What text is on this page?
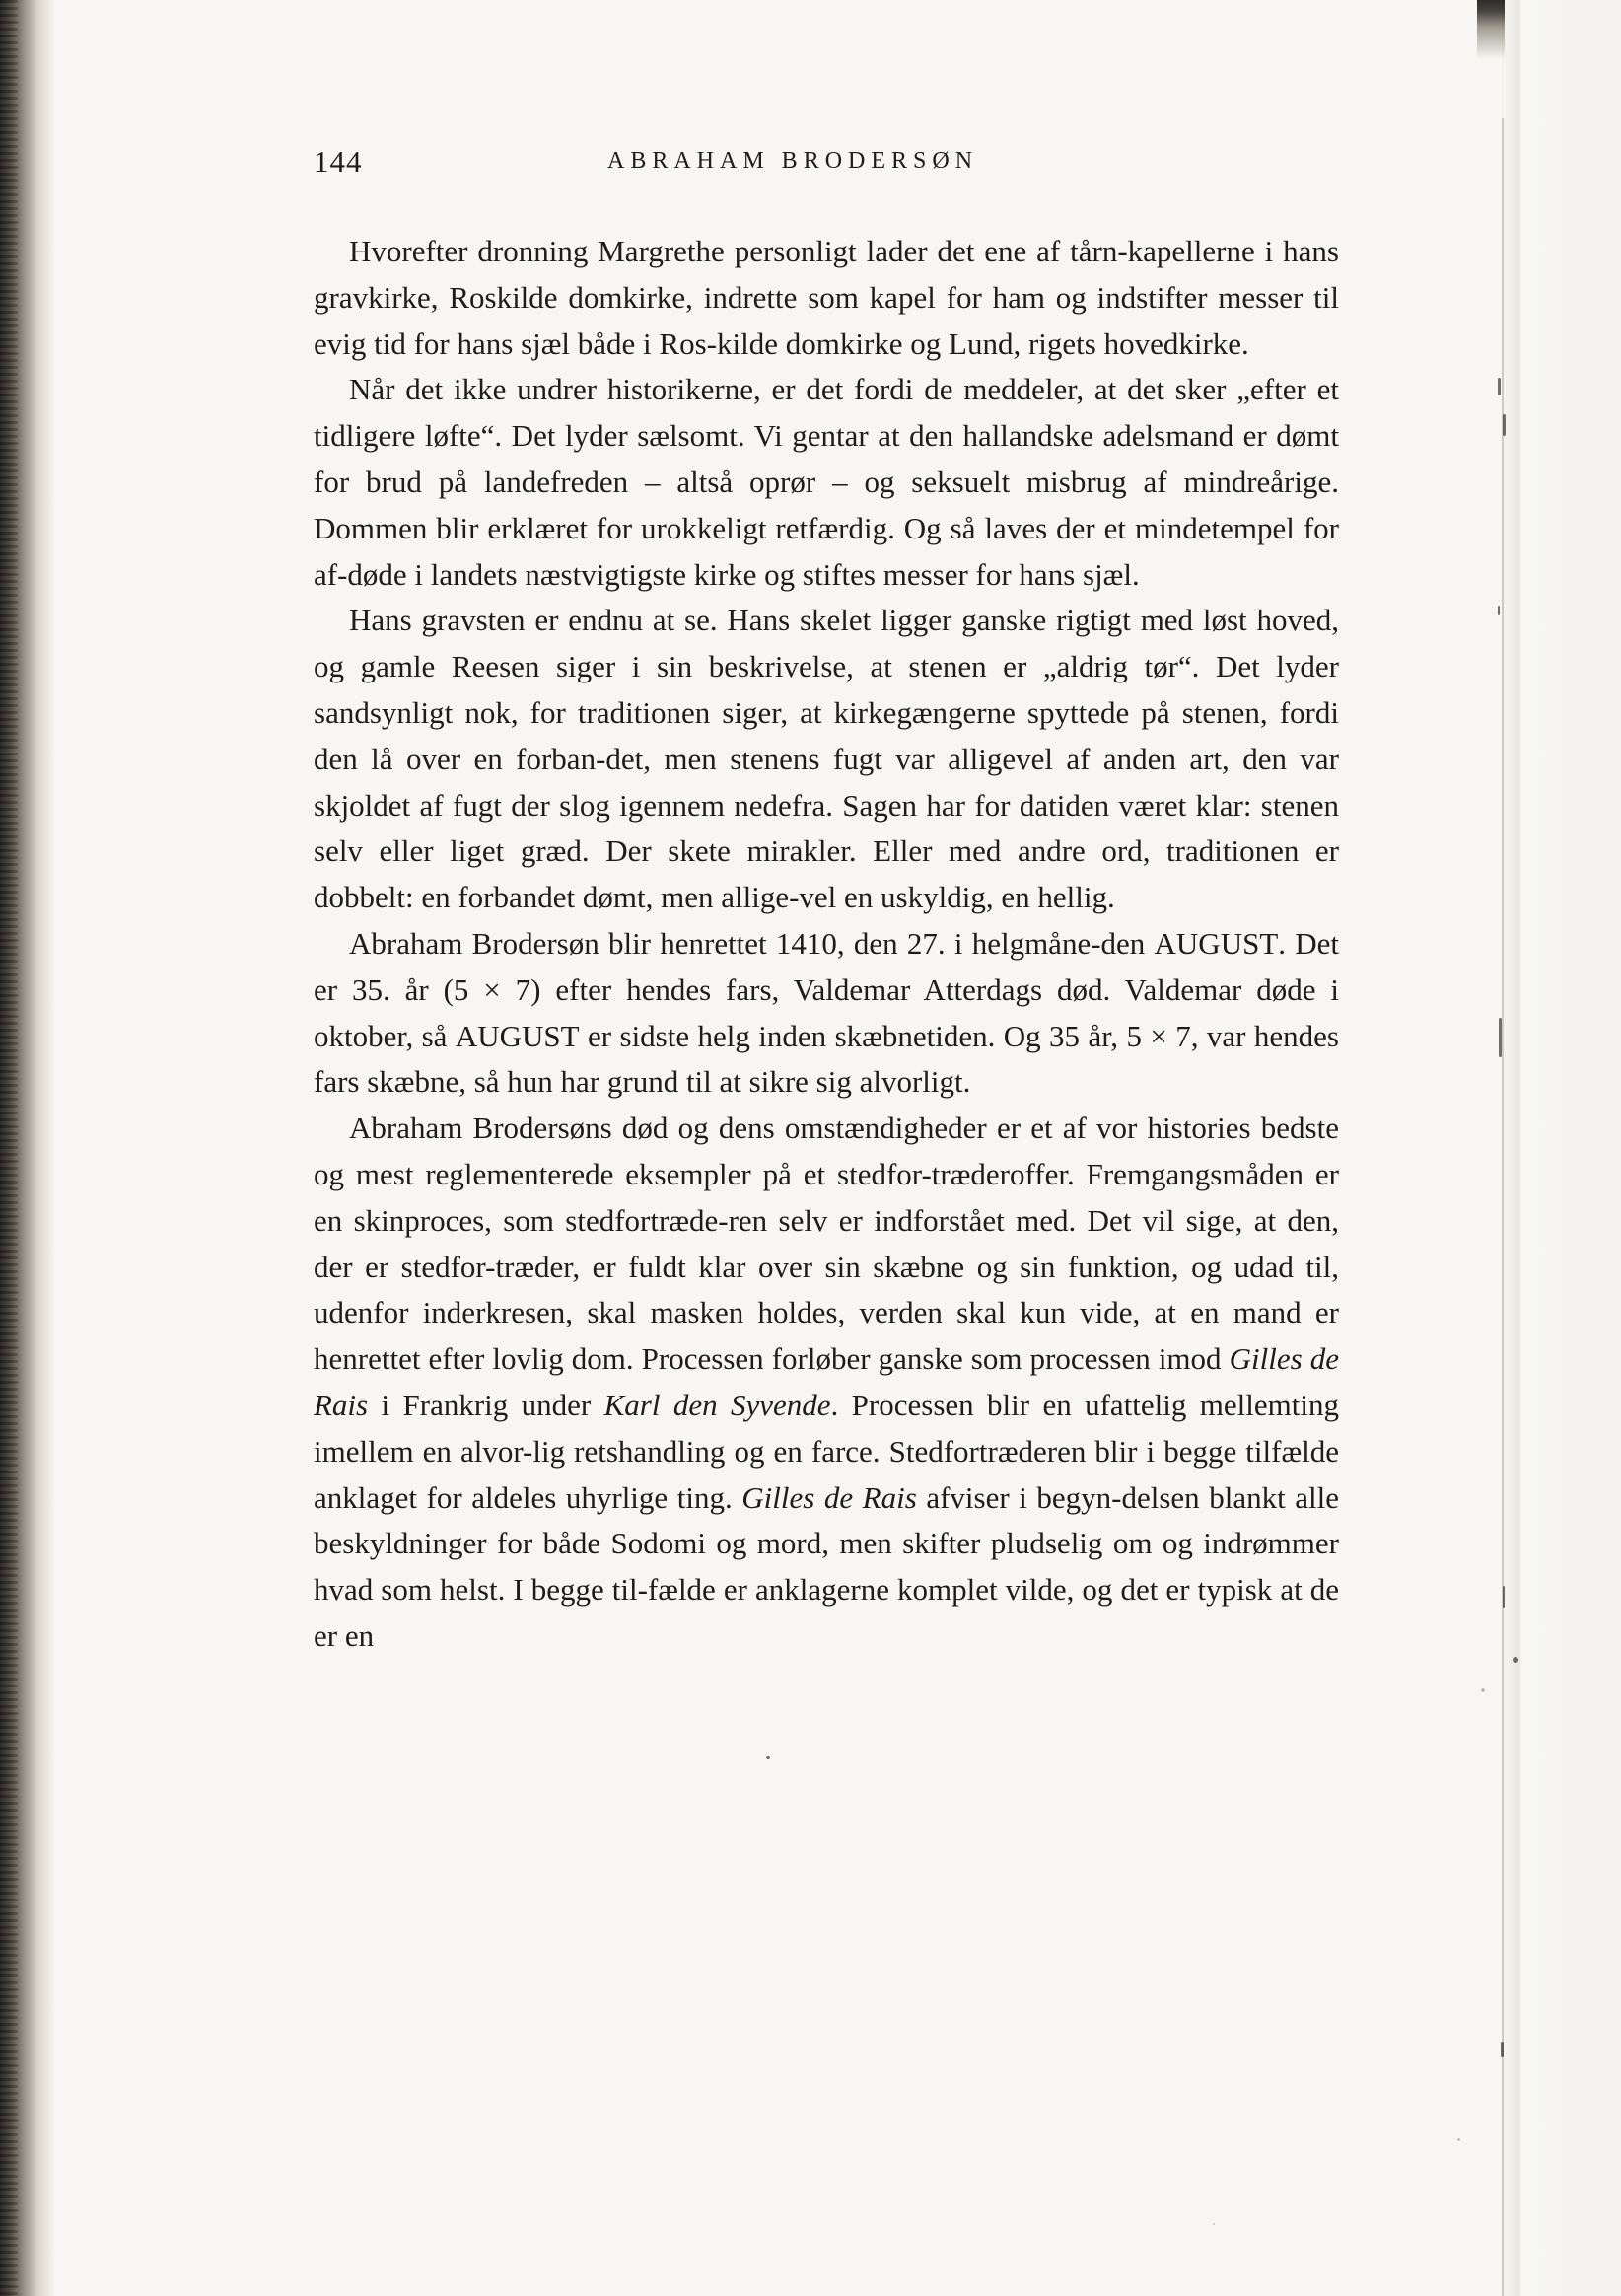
144	ABRAHAM BRODERSØN

Hvorefter dronning Margrethe personligt lader det ene af tårn-kapellerne i hans gravkirke, Roskilde domkirke, indrette som kapel for ham og indstifter messer til evig tid for hans sjæl både i Ros-kilde domkirke og Lund, rigets hovedkirke.

Når det ikke undrer historikerne, er det fordi de meddeler, at det sker „efter et tidligere løfte“. Det lyder sælsomt. Vi gentar at den hallandske adelsmand er dømt for brud på landefreden – altså oprør – og seksuelt misbrug af mindreårige. Dommen blir erklæret for urokkeligt retfærdig. Og så laves der et mindetempel for af-døde i landets næstvigtigste kirke og stiftes messer for hans sjæl.

Hans gravsten er endnu at se. Hans skelet ligger ganske rigtigt med løst hoved, og gamle Reesen siger i sin beskrivelse, at stenen er „aldrig tør“. Det lyder sandsynligt nok, for traditionen siger, at kirkegængerne spyttede på stenen, fordi den lå over en forban-det, men stenens fugt var alligevel af anden art, den var skjoldet af fugt der slog igennem nedefra. Sagen har for datiden været klar: stenen selv eller liget græd. Der skete mirakler. Eller med andre ord, traditionen er dobbelt: en forbandet dømt, men allige-vel en uskyldig, en hellig.

Abraham Brodersøn blir henrettet 1410, den 27. i helgmåne-den AUGUST. Det er 35. år (5 × 7) efter hendes fars, Valdemar Atterdags død. Valdemar døde i oktober, så AUGUST er sidste helg inden skæbnetiden. Og 35 år, 5 × 7, var hendes fars skæbne, så hun har grund til at sikre sig alvorligt.

Abraham Brodersøns død og dens omstændigheder er et af vor histories bedste og mest reglementerede eksempler på et stedfor-træderoffer. Fremgangsmåden er en skinproces, som stedfortræde-ren selv er indforstået med. Det vil sige, at den, der er stedfor-træder, er fuldt klar over sin skæbne og sin funktion, og udad til, udenfor inderkresen, skal masken holdes, verden skal kun vide, at en mand er henrettet efter lovlig dom. Processen forløber ganske som processen imod Gilles de Rais i Frankrig under Karl den Syvende. Processen blir en ufattelig mellemting imellem en alvor-lig retshandling og en farce. Stedfortræderen blir i begge tilfælde anklaget for aldeles uhyrlige ting. Gilles de Rais afviser i begyn-delsen blankt alle beskyldninger for både Sodomi og mord, men skifter pludselig om og indrømmer hvad som helst. I begge til-fælde er anklagerne komplet vilde, og det er typisk at de er en
